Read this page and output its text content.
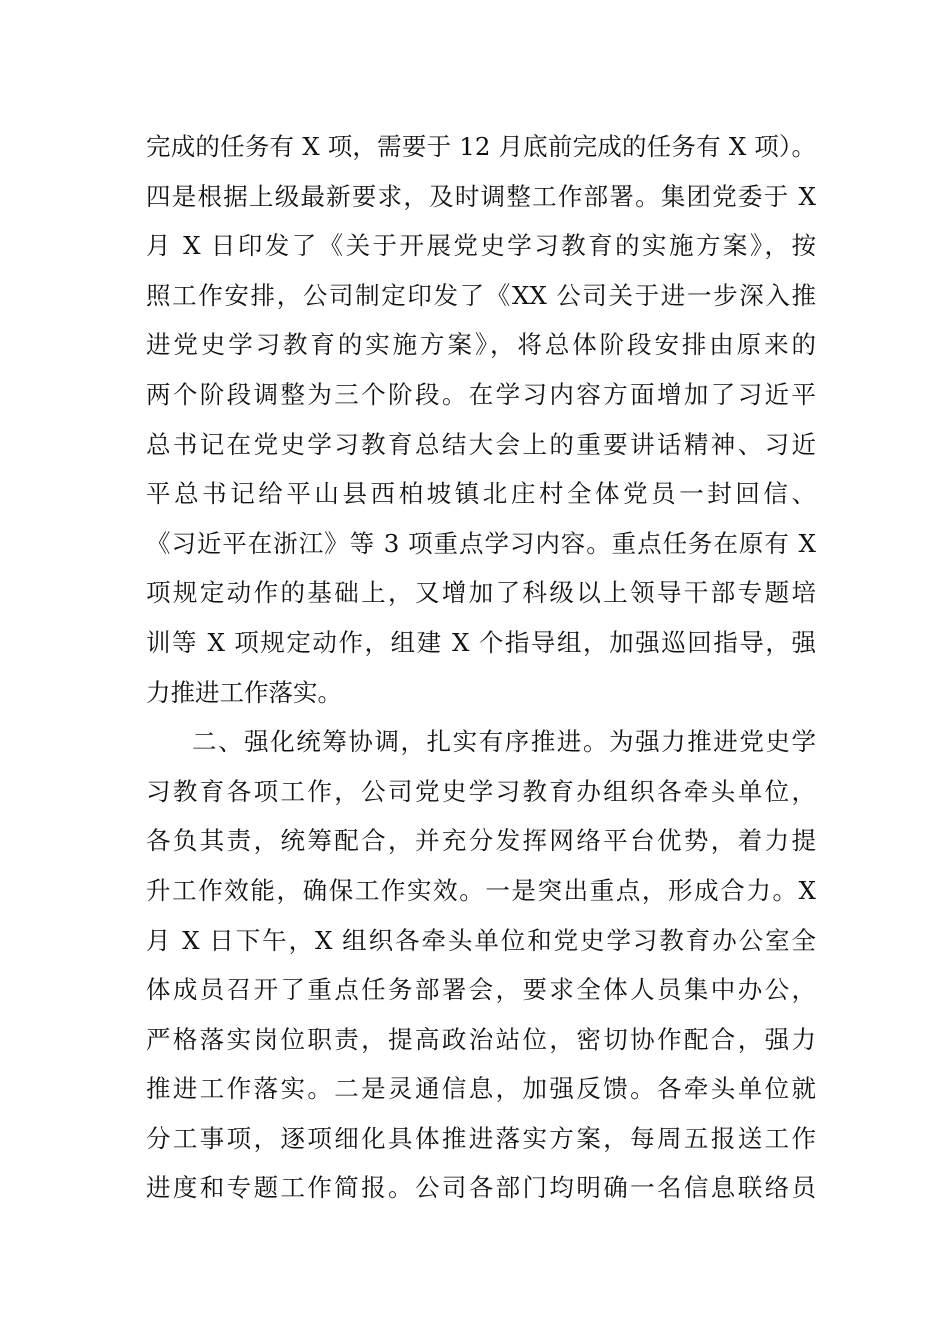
完成的任务有 X 项，需要于 12 月底前完成的任务有 X 项）。
四是根据上级最新要求，及时调整工作部署。集团党委于 X
月 X 日印发了《关于开展党史学习教育的实施方案》，按
照工作安排，公司制定印发了《XX 公司关于进一步深入推
进党史学习教育的实施方案》，将总体阶段安排由原来的
两个阶段调整为三个阶段。在学习内容方面增加了习近平
总书记在党史学习教育总结大会上的重要讲话精神、习近
平总书记给平山县西柏坡镇北庄村全体党员一封回信、
《习近平在浙江》等 3 项重点学习内容。重点任务在原有 X
项规定动作的基础上，又增加了科级以上领导干部专题培
训等 X 项规定动作，组建 X 个指导组，加强巡回指导，强
力推进工作落实。
二、强化统筹协调，扎实有序推进。为强力推进党史学
习教育各项工作，公司党史学习教育办组织各牵头单位，
各负其责，统筹配合，并充分发挥网络平台优势，着力提
升工作效能，确保工作实效。一是突出重点，形成合力。X
月 X 日下午，X 组织各牵头单位和党史学习教育办公室全
体成员召开了重点任务部署会，要求全体人员集中办公，
严格落实岗位职责，提高政治站位，密切协作配合，强力
推进工作落实。二是灵通信息，加强反馈。各牵头单位就
分工事项，逐项细化具体推进落实方案，每周五报送工作
进度和专题工作简报。公司各部门均明确一名信息联络员
